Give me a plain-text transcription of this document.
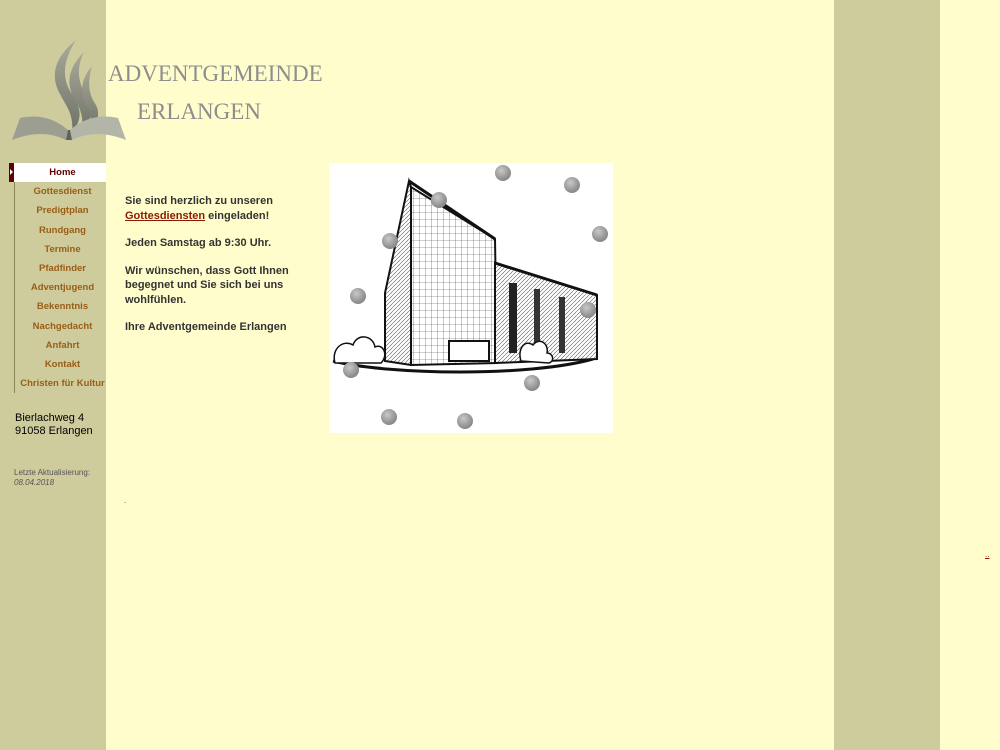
ADVENTGEMEINDE
ERLANGEN
Home
Gottesdienst
Predigtplan
Rundgang
Termine
Pfadfinder
Adventjugend
Bekenntnis
Nachgedacht
Anfahrt
Kontakt
Christen für Kultur
Bierlachweg 4
91058 Erlangen
Letzte Aktualisierung:
08.04.2018

Sie sind herzlich zu unseren
Gottesdiensten eingeladen!

Jeden Samstag ab 9:30 Uhr.

Wir wünschen, dass Gott Ihnen begegnet und Sie sich bei uns wohlfühlen.

Ihre Adventgemeinde Erlangen

.
..
